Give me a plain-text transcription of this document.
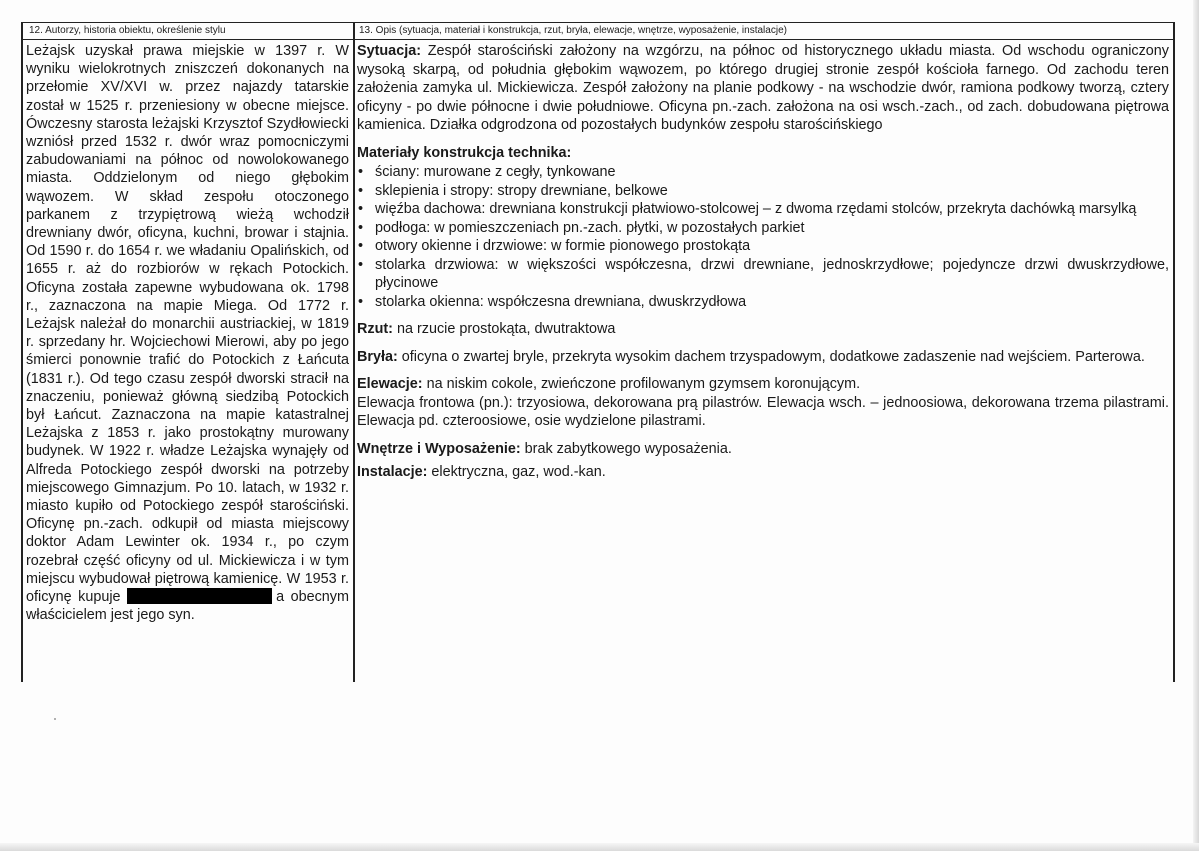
12. Autorzy, historia obiektu, określenie stylu
Leżajsk uzyskał prawa miejskie w 1397 r. W wyniku wielokrotnych zniszczeń dokonanych na przełomie XV/XVI w. przez najazdy tatarskie został w 1525 r. przeniesiony w obecne miejsce. Ówczesny starosta leżajski Krzysztof Szydłowiecki wzniósł przed 1532 r. dwór wraz pomocniczymi zabudowaniami na północ od nowolokowanego miasta. Oddzielonym od niego głębokim wąwozem. W skład zespołu otoczonego parkanem z trzypiętrową wieżą wchodził drewniany dwór, oficyna, kuchni, browar i stajnia. Od 1590 r. do 1654 r. we władaniu Opalińskich, od 1655 r. aż do rozbiorów w rękach Potockich. Oficyna została zapewne wybudowana ok. 1798 r., zaznaczona na mapie Miega. Od 1772 r. Leżajsk należał do monarchii austriackiej, w 1819 r. sprzedany hr. Wojciechowi Mierowi, aby po jego śmierci ponownie trafić do Potockich z Łańcuta (1831 r.). Od tego czasu zespół dworski stracił na znaczeniu, ponieważ główną siedzibą Potockich był Łańcut. Zaznaczona na mapie katastralnej Leżajska z 1853 r. jako prostokątny murowany budynek. W 1922 r. władze Leżajska wynajęły od Alfreda Potockiego zespół dworski na potrzeby miejscowego Gimnazjum. Po 10. latach, w 1932 r. miasto kupiło od Potockiego zespół starościński. Oficynę pn.-zach. odkupił od miasta miejscowy doktor Adam Lewinter ok. 1934 r., po czym rozebrał część oficyny od ul. Mickiewicza i w tym miejscu wybudował piętrową kamienicę. W 1953 r. oficynę kupuje	a obecnym właścicielem jest jego syn.
13. Opis (sytuacja, materiał i konstrukcja, rzut, bryła, elewacje, wnętrze, wyposażenie, instalacje)

Sytuacja: Zespół starościński założony na wzgórzu, na północ od historycznego układu miasta. Od wschodu ograniczony wysoką skarpą, od południa głębokim wąwozem, po którego drugiej stronie zespół kościoła farnego. Od zachodu teren założenia zamyka ul. Mickiewicza. Zespół założony na planie podkowy - na wschodzie dwór, ramiona podkowy tworzą, cztery oficyny - po dwie północne i dwie południowe. Oficyna pn.-zach. założona na osi wsch.-zach., od zach. dobudowana piętrowa kamienica. Działka odgrodzona od pozostałych budynków zespołu starościńskiego

Materiały konstrukcja technika:

• ściany: murowane z cegły, tynkowane
• sklepienia i stropy: stropy drewniane, belkowe
• więźba dachowa: drewniana konstrukcji płatwiowo-stolcowej – z dwoma rzędami stolców, przekryta dachówką marsylką
• podłoga: w pomieszczeniach pn.-zach. płytki, w pozostałych parkiet
• otwory okienne i drzwiowe: w formie pionowego prostokąta
• stolarka drzwiowa: w większości współczesna, drzwi drewniane, jednoskrzydłowe; pojedyncze drzwi dwuskrzydłowe, płycinowe
• stolarka okienna: współczesna drewniana, dwuskrzydłowa

Rzut: na rzucie prostokąta, dwutraktowa

Bryła: oficyna o zwartej bryle, przekryta wysokim dachem trzyspadowym, dodatkowe zadaszenie nad wejściem. Parterowa.

Elewacje: na niskim cokole, zwieńczone profilowanym gzymsem koronującym.

Elewacja frontowa (pn.): trzyosiowa, dekorowana prą pilastrów. Elewacja wsch. – jednoosiowa, dekorowana trzema pilastrami. Elewacja pd. czteroosiowe, osie wydzielone pilastrami.

Wnętrze i Wyposażenie: brak zabytkowego wyposażenia.

Instalacje: elektryczna, gaz, wod.-kan.
